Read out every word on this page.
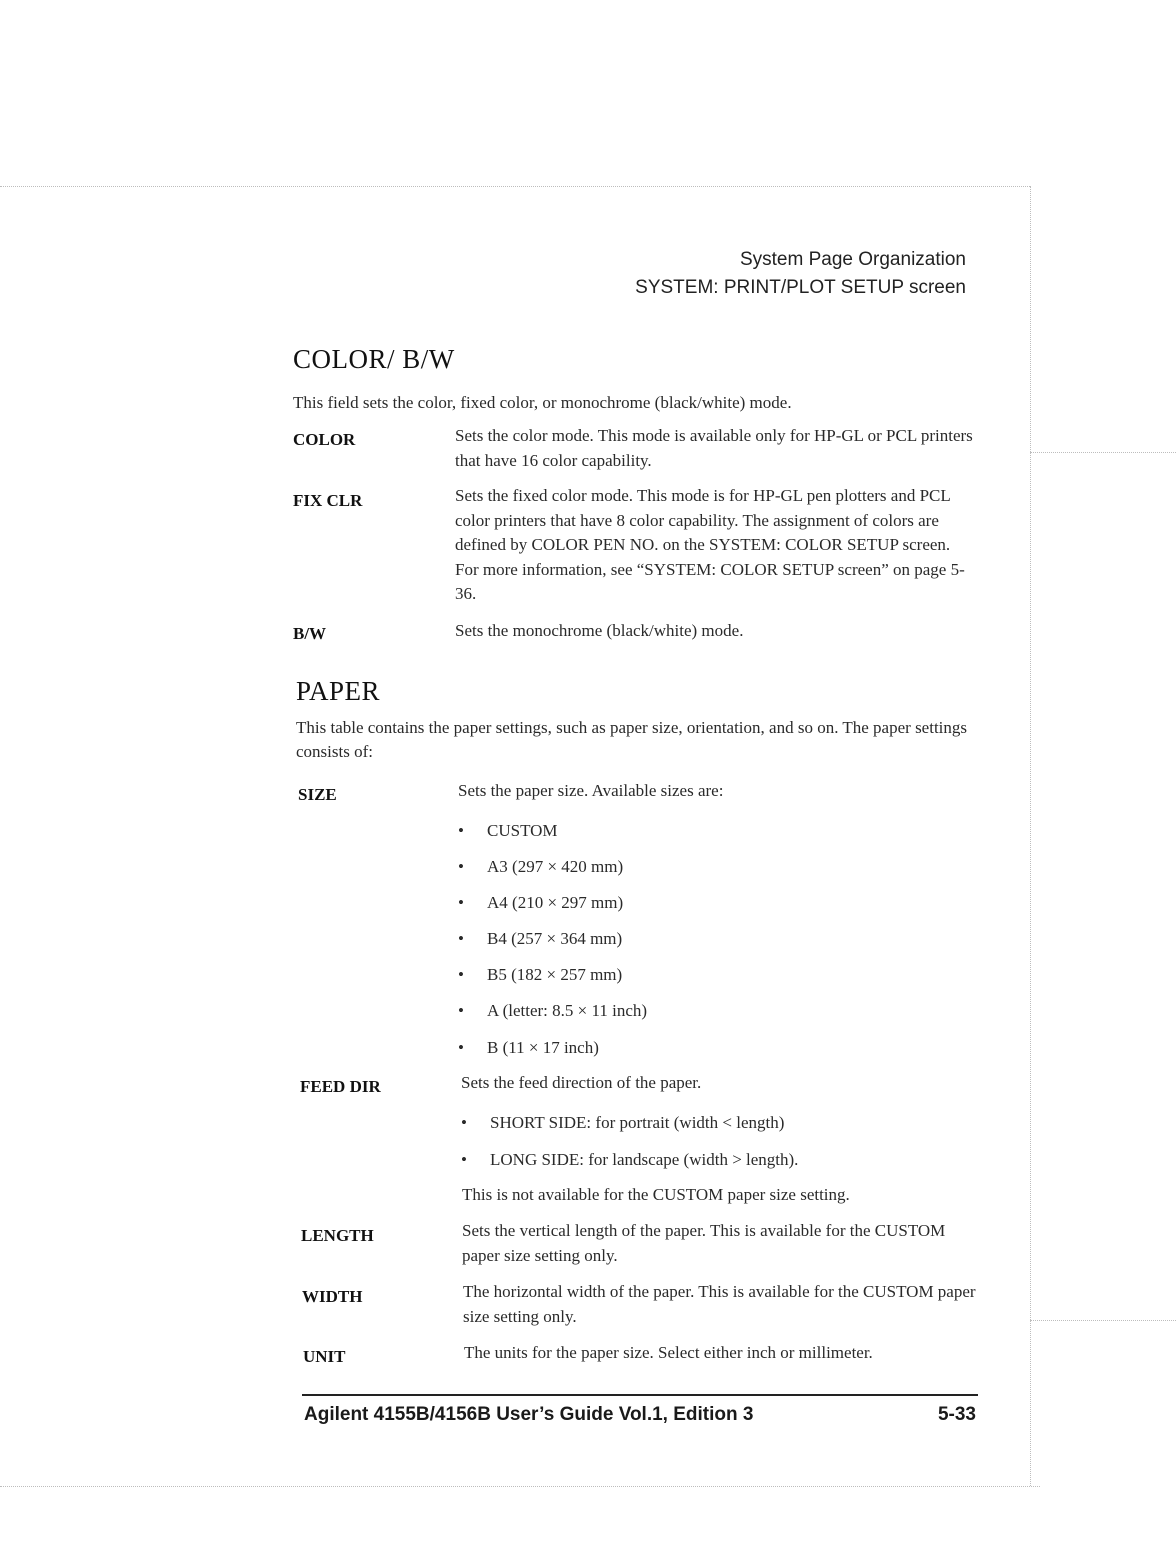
System Page Organization
SYSTEM: PRINT/PLOT SETUP screen
COLOR/ B/W

This field sets the color, fixed color, or monochrome (black/white) mode.

COLOR	Sets the color mode. This mode is available only for HP-GL or PCL printers that have 16 color capability.

FIX CLR	Sets the fixed color mode. This mode is for HP-GL pen plotters and PCL color printers that have 8 color capability. The assignment of colors are defined by COLOR PEN NO. on the SYSTEM: COLOR SETUP screen. For more information, see “SYSTEM: COLOR SETUP screen” on page 5-36.

B/W	Sets the monochrome (black/white) mode.

PAPER

This table contains the paper settings, such as paper size, orientation, and so on. The paper settings consists of:

SIZE	Sets the paper size. Available sizes are:

• CUSTOM
• A3 (297 × 420 mm)
• A4 (210 × 297 mm)
• B4 (257 × 364 mm)
• B5 (182 × 257 mm)
• A (letter: 8.5 × 11 inch)
• B (11 × 17 inch)
FEED DIR	Sets the feed direction of the paper.

• SHORT SIDE: for portrait (width < length)
• LONG SIDE: for landscape (width > length).

This is not available for the CUSTOM paper size setting.

LENGTH	Sets the vertical length of the paper. This is available for the CUSTOM paper size setting only.

WIDTH	The horizontal width of the paper. This is available for the CUSTOM paper size setting only.

UNIT	The units for the paper size. Select either inch or millimeter.

Agilent 4155B/4156B User’s Guide Vol.1, Edition 3	5-33
